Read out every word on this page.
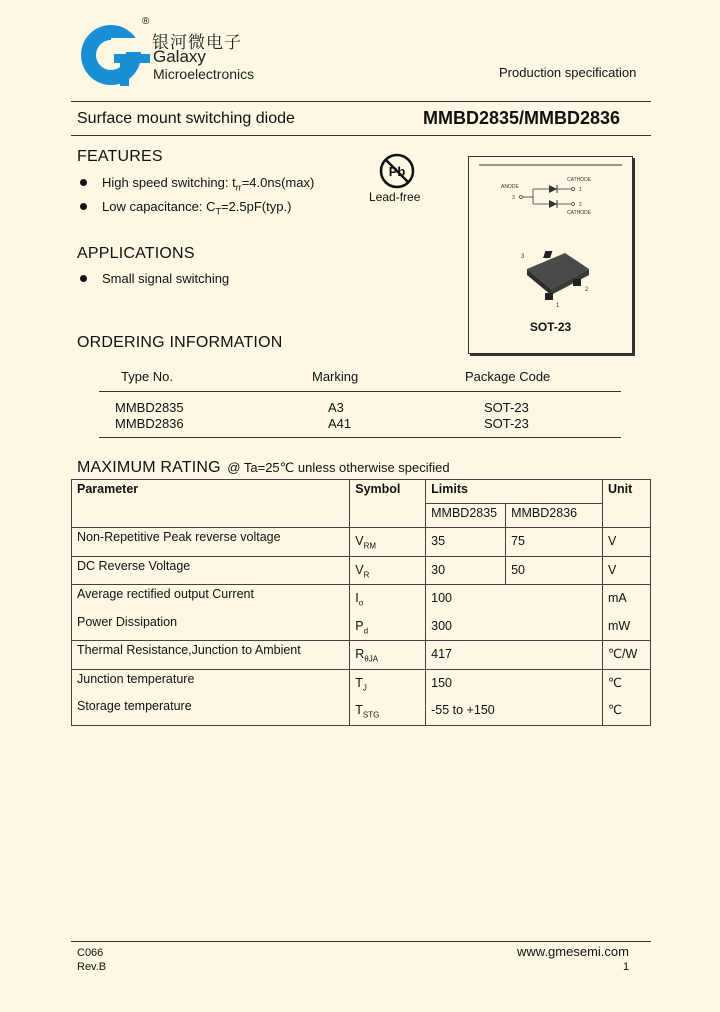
银河微电子
®
Galaxy
Microelectronics	Production specification
Surface mount switching diode	MMBD2835/MMBD2836
FEATURES
High speed switching: $t_{rr}=4.0ns(\max)$
Low capacitance: $C_T=2.5pF(typ.)$
Pb
Lead-free
ANODE
CATHODE
CATHODE
3
1
2
3
1
2
SOT-23
APPLICATIONS
Small signal switching
ORDERING INFORMATION
Type No.	Marking	Package Code
MMBD2835	A3	SOT-23
MMBD2836	A41	SOT-23
MAXIMUM RATING @ Ta=25℃ unless otherwise specified
Parameter	Symbol	Limits		Unit
		MMBD2835	MMBD2836	
Non-Repetitive Peak reverse voltage	$V_{RM}$	35	75	V
DC Reverse Voltage	$V_R$	30	50	V
Average rectified output Current	$I_o$	100		mA
Power Dissipation	$P_d$	300		mW
Thermal Resistance,Junction to Ambient	$R_{\theta JA}$	417		℃/W
Junction temperature	$T_J$	150		℃
Storage temperature	$T_{STG}$	-55 to +150		℃
C066
Rev.B
www.gmesemi.com
1
